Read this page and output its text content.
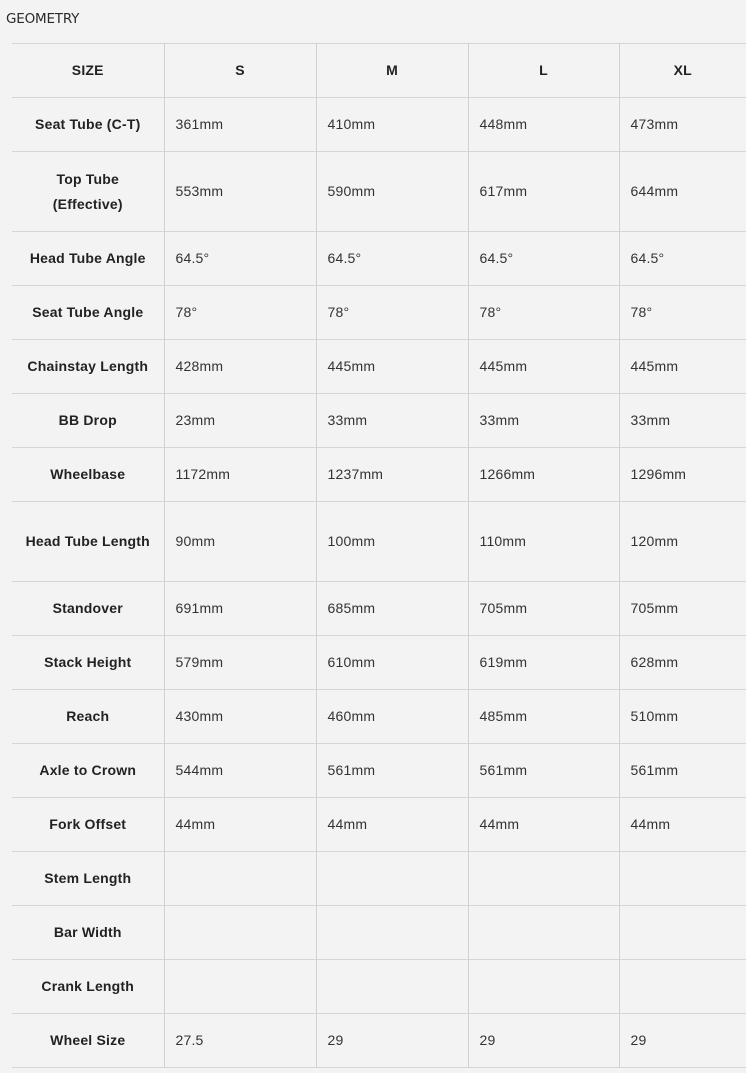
GEOMETRY
SIZE	S	M	L	XL
Seat Tube (C-T)	361mm	410mm	448mm	473mm
Top Tube (Effective)	553mm	590mm	617mm	644mm
Head Tube Angle	64.5°	64.5°	64.5°	64.5°
Seat Tube Angle	78°	78°	78°	78°
Chainstay Length	428mm	445mm	445mm	445mm
BB Drop	23mm	33mm	33mm	33mm
Wheelbase	1172mm	1237mm	1266mm	1296mm
Head Tube Length	90mm	100mm	110mm	120mm
Standover	691mm	685mm	705mm	705mm
Stack Height	579mm	610mm	619mm	628mm
Reach	430mm	460mm	485mm	510mm
Axle to Crown	544mm	561mm	561mm	561mm
Fork Offset	44mm	44mm	44mm	44mm
Stem Length				
Bar Width				
Crank Length				
Wheel Size	27.5	29	29	29
